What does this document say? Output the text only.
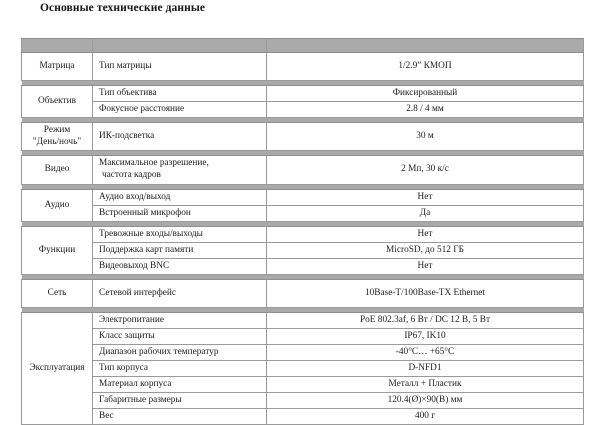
Основные технические данные

Матрица	Тип матрицы	1/2.9” КМОП

Объектив	Тип объектива	Фиксированный

	Фокусное расстояние	2.8 / 4 мм

Режим
"День/ночь"	ИК-подсветка	30 м

Видео	Максимальное разрешение,
частота кадров	2 Мп, 30 к/с

Аудио	Аудио вход/выход	Нет

	Встроенный микрофон	Да

Функции	Тревожные входы/выходы	Нет

	Поддержка карт памяти	MicroSD, до 512 ГБ

	Видеовыход BNC	Нет

Сеть	Сетевой интерфейс	10Base-T/100Base-TX Ethernet

Эксплуатация	Электропитание	PoE 802.3af, 6 Вт / DC 12 В, 5 Вт

	Класс защиты	IP67, IK10

	Диапазон рабочих температур	-40°C… +65°C

	Тип корпуса	D-NFD1

	Материал корпуса	Металл + Пластик

	Габаритные размеры	120.4(Ø)×90(В) мм

	Вес	400 г
